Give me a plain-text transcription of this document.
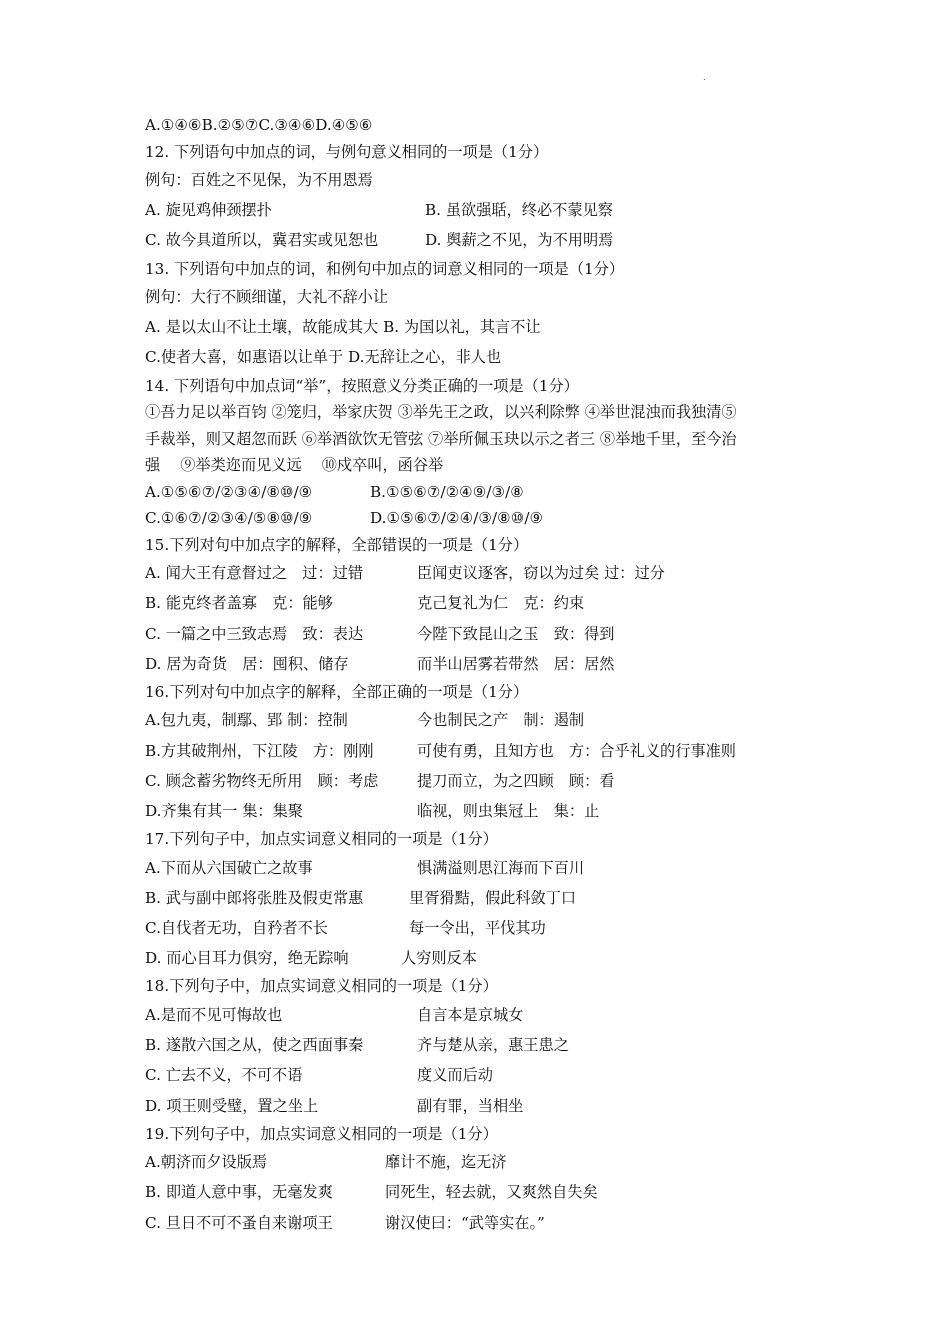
.
A.①④⑥B.②⑤⑦C.③④⑥D.④⑤⑥
12. 下列语句中加点的词，与例句意义相同的一项是（1分）
例句：百姓之不见保，为不用恩焉
A. 旋见鸡伸颈摆扑	B. 虽欲强聒，终必不蒙见察
C. 故今具道所以，冀君实或见恕也	D. 舆薪之不见，为不用明焉
13. 下列语句中加点的词，和例句中加点的词意义相同的一项是（1分）
例句：大行不顾细谨，大礼不辞小让
A. 是以太山不让土壤，故能成其大 B. 为国以礼，其言不让
C.使者大喜，如惠语以让单于 D.无辞让之心，非人也
14. 下列语句中加点词“举”，按照意义分类正确的一项是（1分）
①吾力足以举百钧 ②笼归，举家庆贺 ③举先王之政，以兴利除弊 ④举世混浊而我独清⑤
手裁举，则又超忽而跃 ⑥举酒欲饮无管弦 ⑦举所佩玉玦以示之者三 ⑧举地千里，至今治
强 　⑨举类迩而见义远 　⑩戍卒叫，函谷举
A.①⑤⑥⑦/②③④/⑧⑩/⑨	B.①⑤⑥⑦/②④⑨/③/⑧
C.①⑥⑦/②③④/⑤⑧⑩/⑨	D.①⑤⑥⑦/②④/③/⑧⑩/⑨
15.下列对句中加点字的解释，全部错误的一项是（1分）
A. 闻大王有意督过之　过：过错	臣闻吏议逐客，窃以为过矣 过：过分
B. 能克终者盖寡　克：能够	克己复礼为仁　克：约束
C. 一篇之中三致志焉　致：表达	今陛下致昆山之玉　致：得到
D. 居为奇货　居：囤积、储存	而半山居雾若带然　居：居然
16.下列对句中加点字的解释，全部正确的一项是（1分）
A.包九夷，制鄢、郢 制：控制	今也制民之产　制：遏制
B.方其破荆州，下江陵　方：刚刚	可使有勇，且知方也　方：合乎礼义的行事准则
C. 顾念蓄劣物终无所用　顾：考虑	提刀而立，为之四顾　顾：看
D.齐集有其一 集：集聚	临视，则虫集冠上　集：止
17.下列句子中，加点实词意义相同的一项是（1分）
A.下而从六国破亡之故事	惧满溢则思江海而下百川
B. 武与副中郎将张胜及假吏常惠	里胥猾黠，假此科敛丁口
C.自伐者无功，自矜者不长	每一令出，平伐其功
D. 而心目耳力俱穷，绝无踪响	人穷则反本
18.下列句子中，加点实词意义相同的一项是（1分）
A.是而不见可悔故也	自言本是京城女
B. 遂散六国之从，使之西面事秦	齐与楚从亲，惠王患之
C. 亡去不义，不可不语	度义而后动
D. 项王则受璧，置之坐上	副有罪，当相坐
19.下列句子中，加点实词意义相同的一项是（1分）
A.朝济而夕设版焉	靡计不施，迄无济
B. 即道人意中事，无毫发爽	同死生，轻去就，又爽然自失矣
C. 旦日不可不蚤自来谢项王	谢汉使曰：“武等实在。”
